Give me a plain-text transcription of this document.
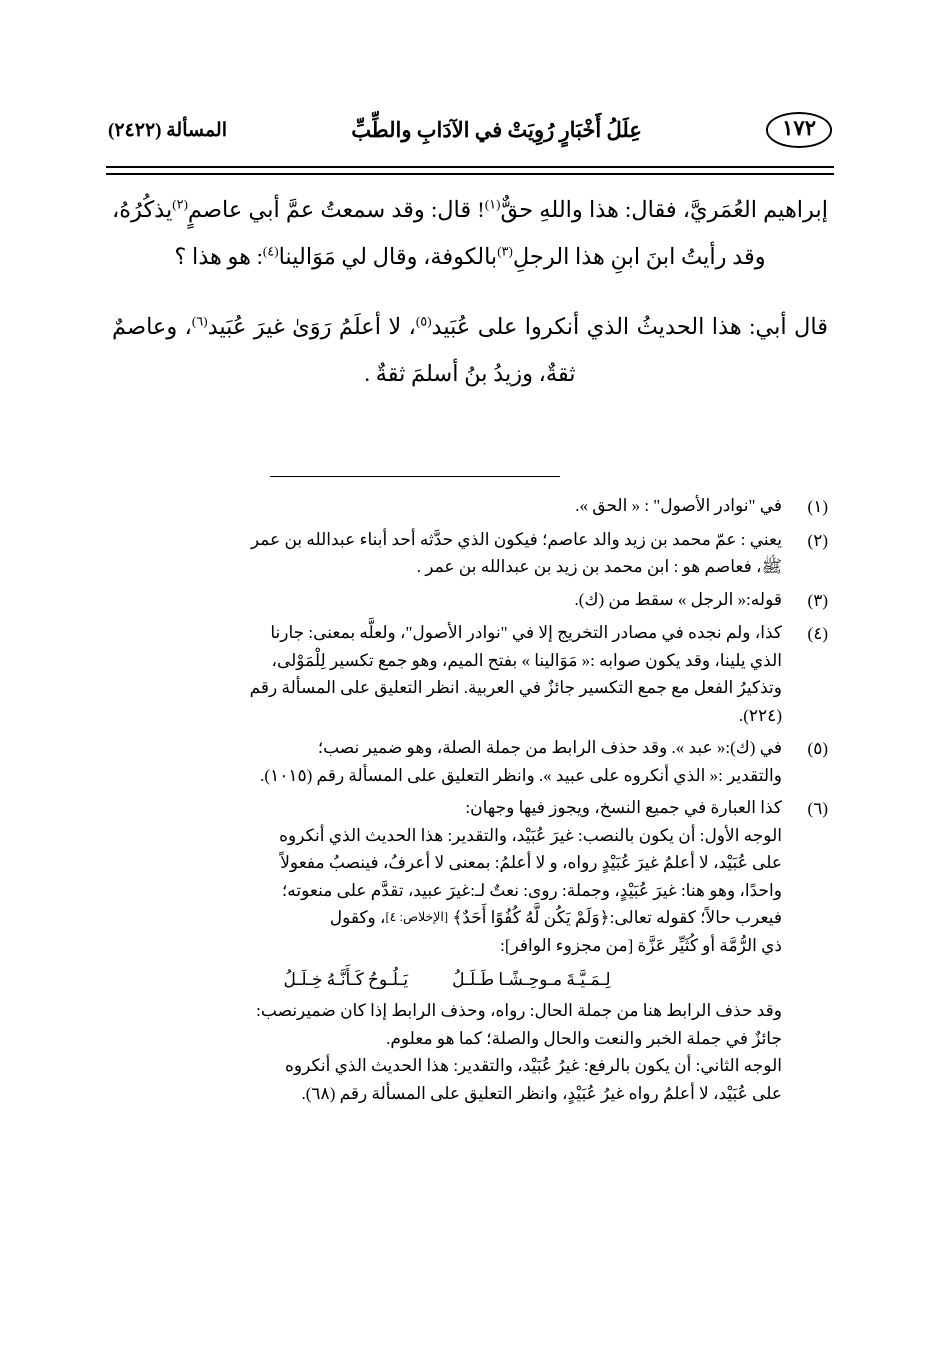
١٧٢
عِلَلُ أَخْبَارٍ رُوِيَتْ في الآدَابِ والطِّبِّ
المسألة (٢٤٢٢)

إبراهيم العُمَريَّ، فقال: هذا واللهِ حقٌّ$^{(١)}$! قال: وقد سمعتُ عمَّ أبي عاصمٍ$^{(٢)}$يذكُرُهُ، وقد رأيتُ ابنَ ابنِ هذا الرجلِ$^{(٣)}$بالكوفة، وقال لي مَوَالينا$^{(٤)}$: هو هذا ؟

قال أبي: هذا الحديثُ الذي أنكروا على عُبَيد$^{(٥)}$، لا أعلَمُ رَوَىٰ غيرَ عُبَيد$^{(٦)}$، وعاصمٌ ثقةٌ، وزيدُ بنُ أسلمَ ثقةٌ .

(١)
في "نوادر الأصول" : « الحق ».
(٢)
يعني : عمّ محمد بن زيد والد عاصم؛ فيكون الذي حدَّثه أحد أبناء عبدالله بن عمر
ﷺ، فعاصم هو : ابن محمد بن زيد بن عبدالله بن عمر .
(٣)
قوله:« الرجل » سقط من (ك).
(٤)
كذا، ولم نجده في مصادر التخريج إلا في "نوادر الأصول"، ولعلَّه بمعنى: جارنا
الذي يلينا، وقد يكون صوابه :« مَوَالينا » بفتح الميم، وهو جمع تكسير لِلْمَوْلى،
وتذكيرُ الفعل مع جمع التكسير جائزٌ في العربية. انظر التعليق على المسألة رقم
(٢٢٤).
(٥)
في (ك):« عبد ». وقد حذف الرابط من جملة الصلة، وهو ضمير نصب؛
والتقدير :« الذي أنكروه على عبيد ». وانظر التعليق على المسألة رقم (١٠١٥).
(٦)
كذا العبارة في جميع النسخ، ويجوز فيها وجهان:
الوجه الأول: أن يكون بالنصب: غيرَ عُبَيْد، والتقدير: هذا الحديث الذي أنكروه
على عُبَيْد، لا أعلمُ غيرَ عُبَيْدٍ رواه، و لا أعلمُ: بمعنى لا أعرفُ، فينصبُ مفعولاً
واحدًا، وهو هنا: غيرَ عُبَيْدٍ، وجملة: روى: نعتٌ لـ:غيرَ عبيد، تقدَّم على منعوته؛
فيعرب حالاً؛ كقوله تعالى:﴿وَلَمْ يَكُن لَّهُ كُفُوًا أَحَدٌ﴾ [الإخلاص: ٤]، وكقول
ذي الرُّمَّة أو كُثَيِّر عَزَّة [من مجزوء الوافر]:
لِـمَـيَّـةَ مـوحِـشًـا طَـلَـلُ
يَـلُـوحُ كَـأَنَّـهُ خِـلَـلُ
وقد حذف الرابط هنا من جملة الحال: رواه، وحذف الرابط إذا كان ضميرنصب:
جائزٌ في جملة الخبر والنعت والحال والصلة؛ كما هو معلوم.
الوجه الثاني: أن يكون بالرفع: غيرُ عُبَيْد، والتقدير: هذا الحديث الذي أنكروه
على عُبَيْد، لا أعلمُ رواه غيرُ عُبَيْدٍ، وانظر التعليق على المسألة رقم (٦٨).
